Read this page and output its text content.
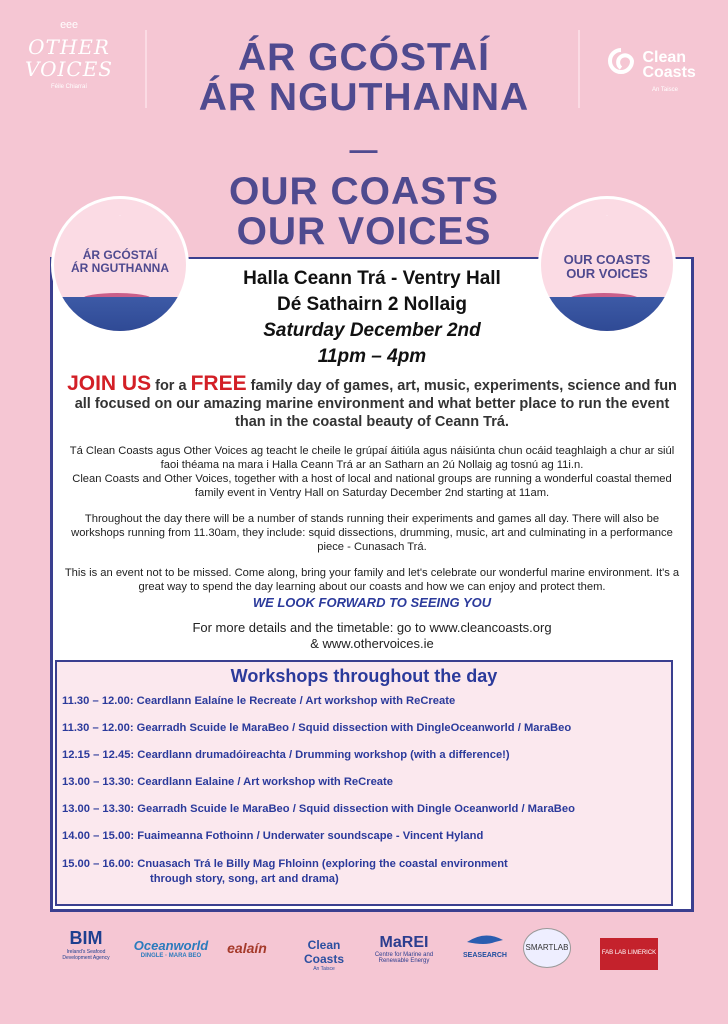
ᵉᵉᵉ
OTHER
VOICES
Féile Chiarraí
Clean
Coasts
An Taisce
ÁR GCÓSTAÍ
ÁR NGUTHANNA
—
OUR COASTS
OUR VOICES
·
ÁR GCÓSTAÍ
ÁR NGUTHANNA
·
OUR COASTS
OUR VOICES
Halla Ceann Trá - Ventry Hall
Dé Sathairn 2 Nollaig
Saturday December 2nd
11pm – 4pm
JOIN US for a FREE family day of games, art, music, experiments, science and fun all focused on our amazing marine environment and what better place to run the event than in the coastal beauty of Ceann Trá.
Tá Clean Coasts agus Other Voices ag teacht le cheile le grúpaí áitiúla agus náisiúnta chun ocáid teaghlaigh a chur ar siúl faoi théama na mara i Halla Ceann Trá ar an Satharn an 2ú Nollaig ag tosnú ag 11i.n.
Clean Coasts and Other Voices, together with a host of local and national groups are running a wonderful coastal themed family event in Ventry Hall on Saturday December 2nd starting at 11am.
Throughout the day there will be a number of stands running their experiments and games all day. There will also be workshops running from 11.30am, they include: squid dissections, drumming, music, art and culminating in a performance piece - Cunasach Trá.
This is an event not to be missed. Come along, bring your family and let's celebrate our wonderful marine environment. It's a great way to spend the day learning about our coasts and how we can enjoy and protect them.
WE LOOK FORWARD TO SEEING YOU
For more details and the timetable: go to www.cleancoasts.org
& www.othervoices.ie
Workshops throughout the day
11.30 – 12.00: Ceardlann Ealaíne le Recreate / Art workshop with ReCreate
11.30 – 12.00: Gearradh Scuide le MaraBeo / Squid dissection with DingleOceanworld / MaraBeo
12.15 – 12.45: Ceardlann drumadóireachta / Drumming workshop (with a difference!)
13.00 – 13.30: Ceardlann Ealaine / Art workshop with ReCreate
13.00 – 13.30: Gearradh Scuide le MaraBeo / Squid dissection with Dingle Oceanworld / MaraBeo
14.00 – 15.00: Fuaimeanna Fothoinn / Underwater soundscape - Vincent Hyland
15.00 – 16.00: Cnuasach Trá le Billy Mag Fhloinn (exploring the coastal environment
through story, song, art and drama)
BIM
Ireland's Seafood Development Agency
Oceanworld
DINGLE · MARA BEO	ealaín	Clean Coasts
An Taisce
MaREI
Centre for Marine and Renewable Energy
SEASEARCH
SMARTLAB
FAB LAB LIMERICK
